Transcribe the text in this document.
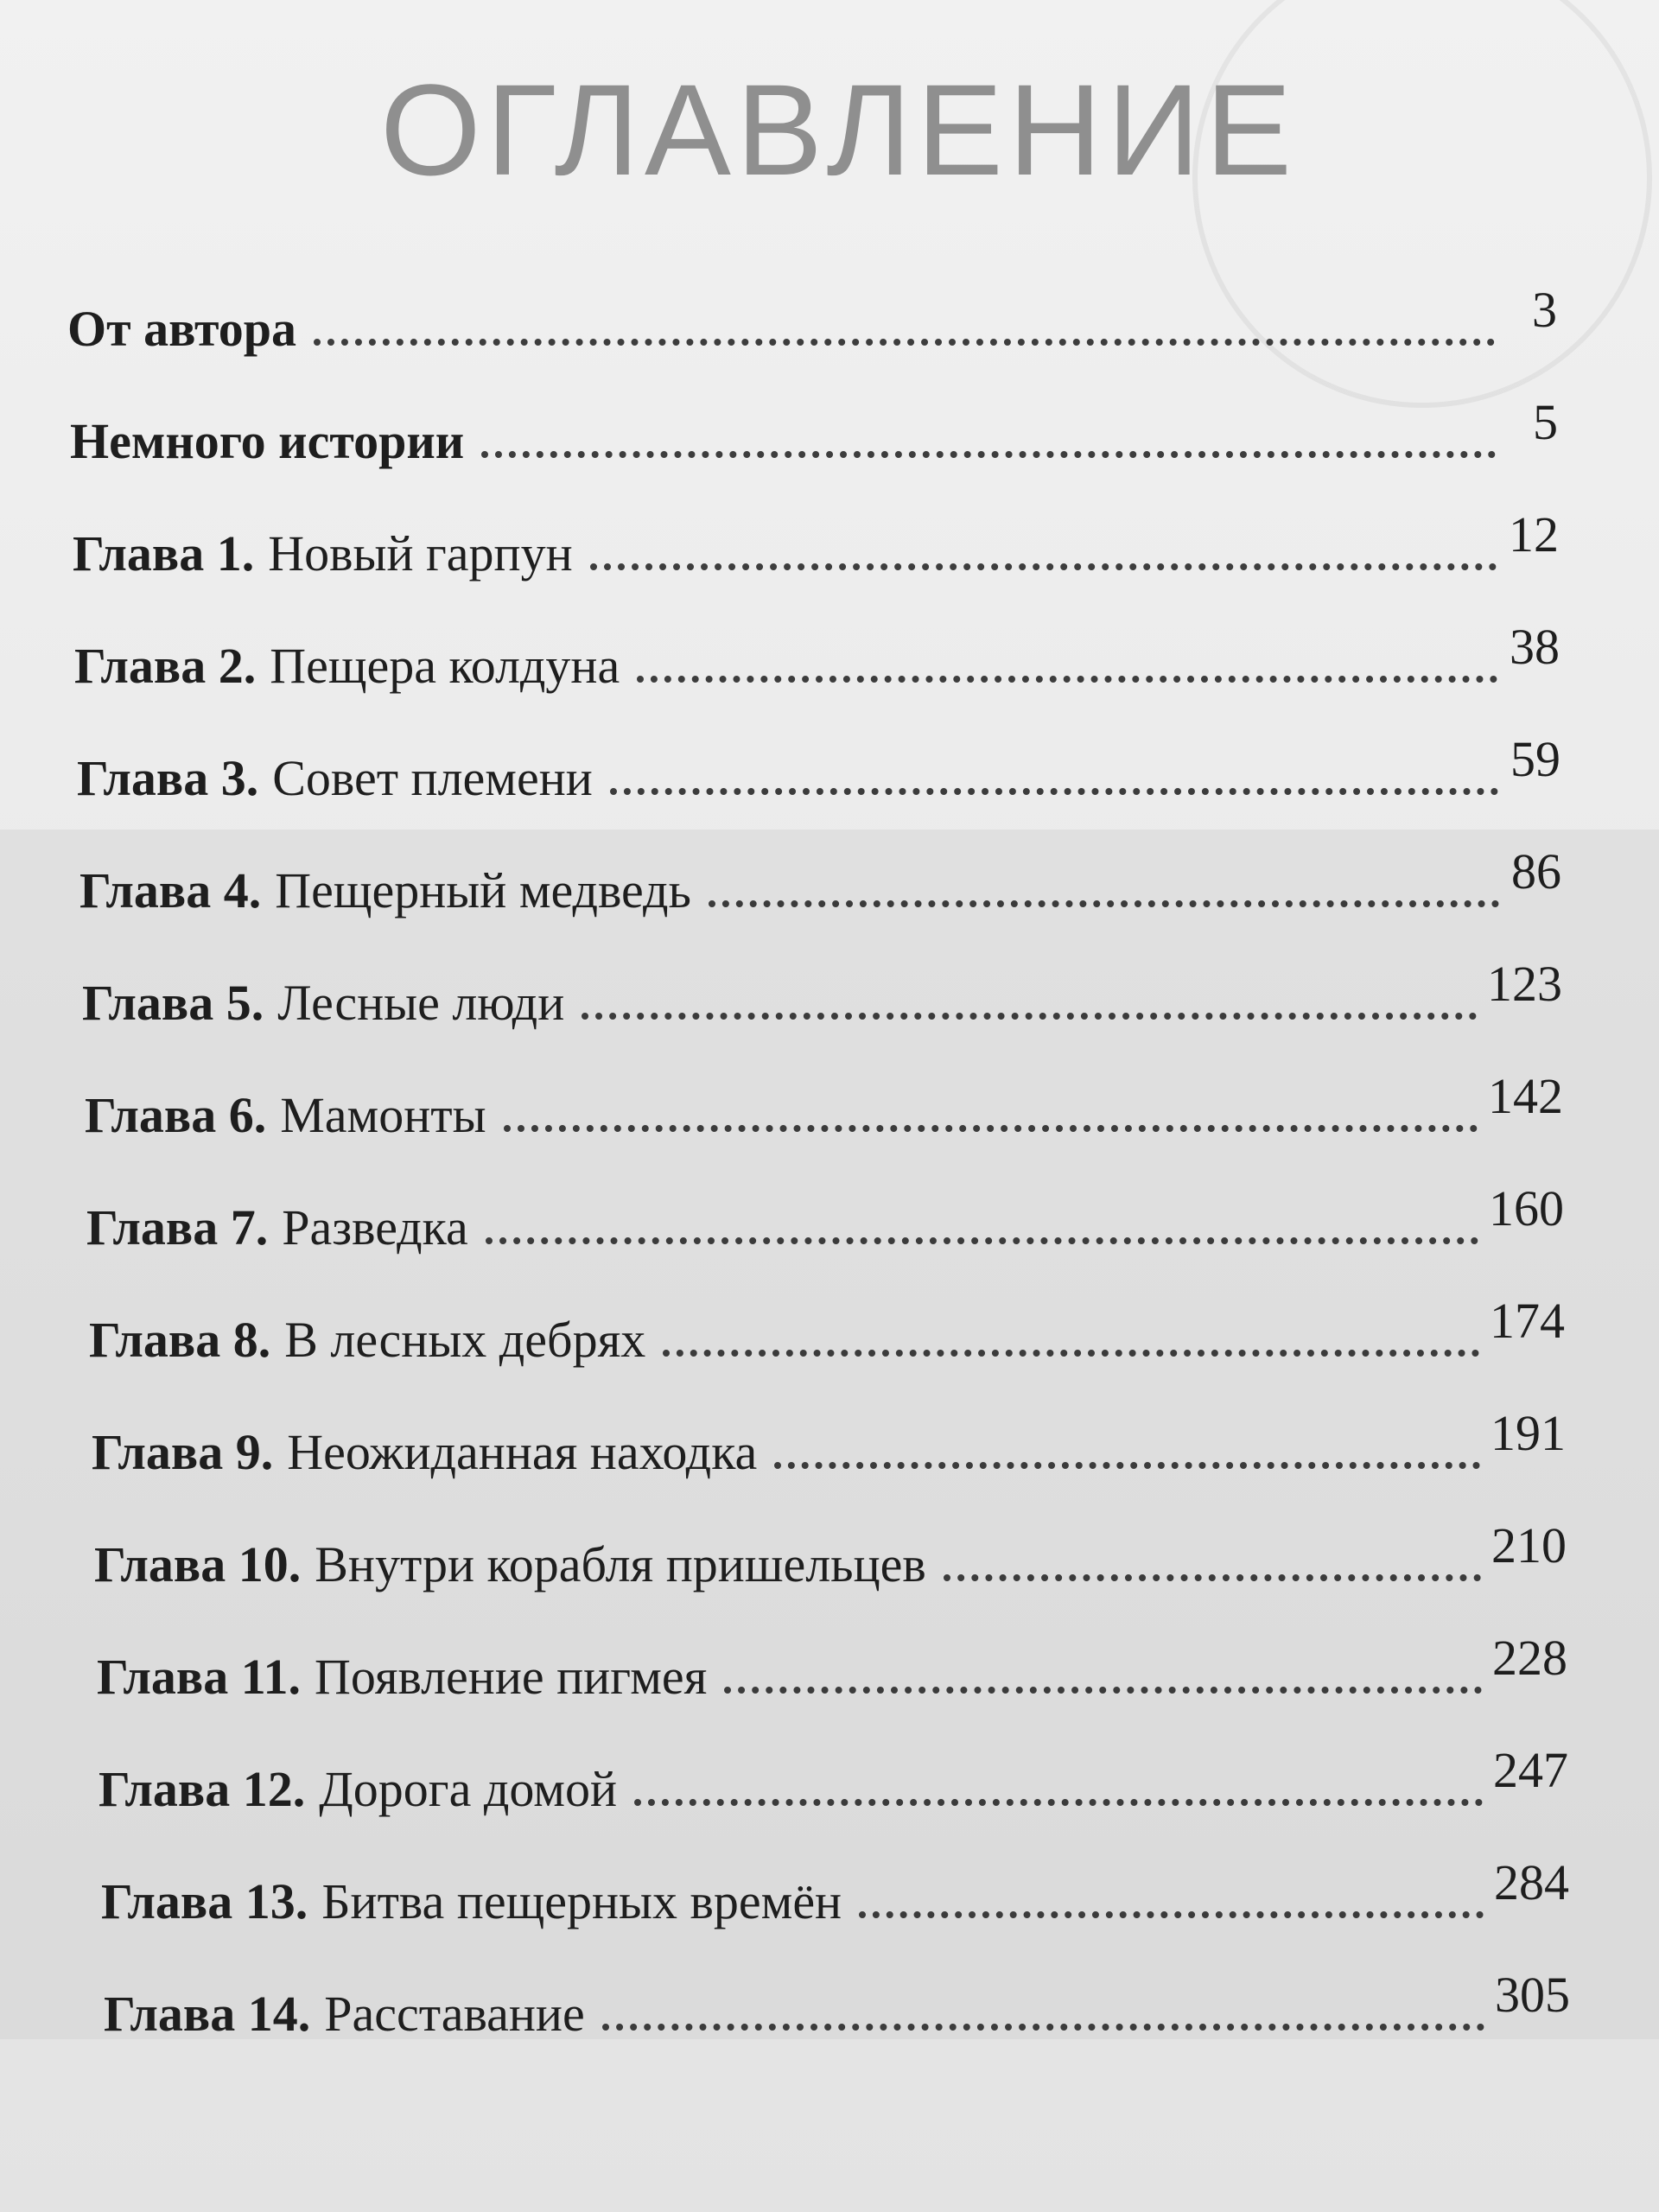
ОГЛАВЛЕНИЕ
От автора	3
Немного истории	5
Глава 1. Новый гарпун	12
Глава 2. Пещера колдуна	38
Глава 3. Совет племени	59
Глава 4. Пещерный медведь	86
Глава 5. Лесные люди	123
Глава 6. Мамонты	142
Глава 7. Разведка	160
Глава 8. В лесных дебрях	174
Глава 9. Неожиданная находка	191
Глава 10. Внутри корабля пришельцев	210
Глава 11. Появление пигмея	228
Глава 12. Дорога домой	247
Глава 13. Битва пещерных времён	284
Глава 14. Расставание	305
